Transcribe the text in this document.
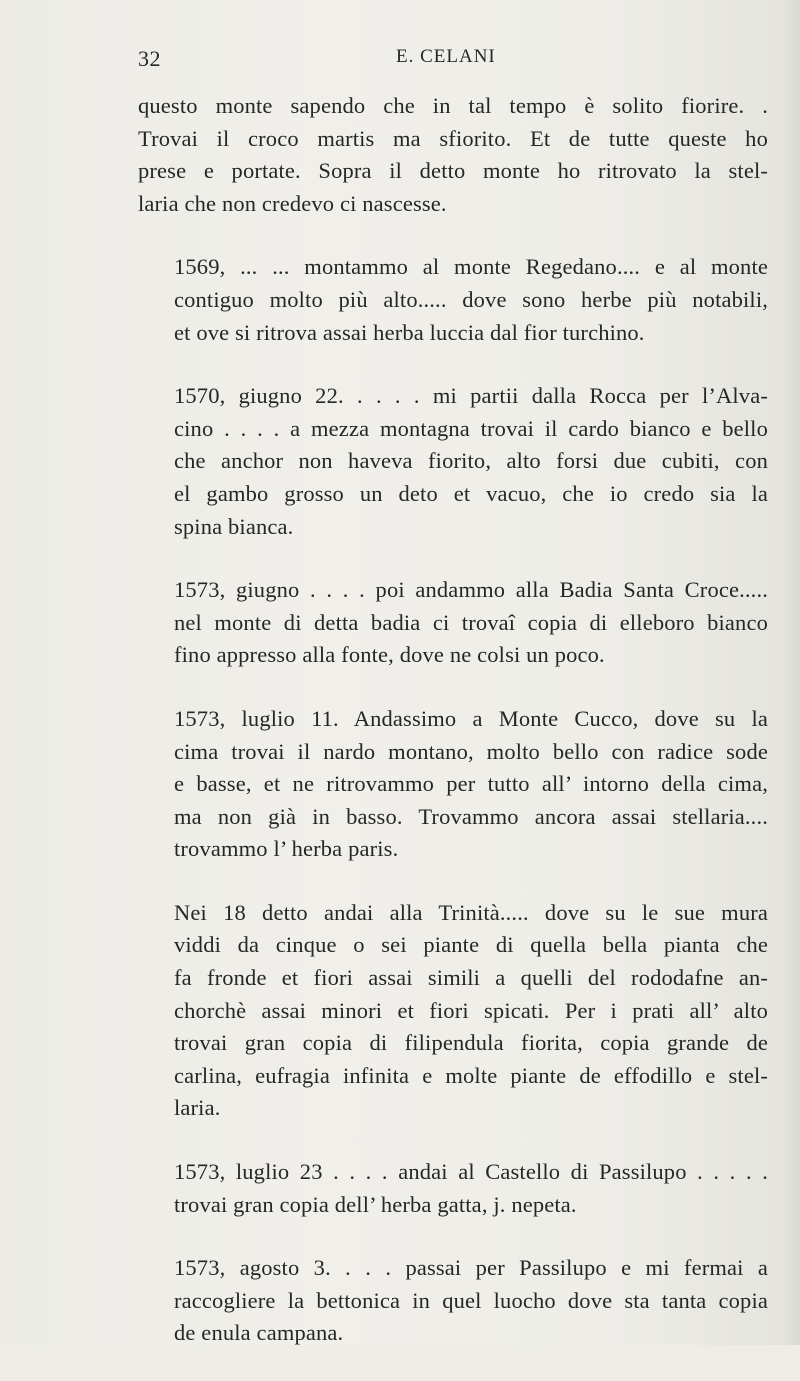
32	E. CELANI

questo monte sapendo che in tal tempo è solito fiorire. .
Trovai il croco martis ma sfiorito. Et de tutte queste ho
prese e portate. Sopra il detto monte ho ritrovato la stel-
laria che non credevo ci nascesse.

1569, ... ... montammo al monte Regedano.... e al monte
contiguo molto più alto..... dove sono herbe più notabili,
et ove si ritrova assai herba luccia dal fior turchino.

1570, giugno 22. . . . . mi partii dalla Rocca per l’Alva-
cino . . . . a mezza montagna trovai il cardo bianco e bello
che anchor non haveva fiorito, alto forsi due cubiti, con
el gambo grosso un deto et vacuo, che io credo sia la
spina bianca.

1573, giugno . . . . poi andammo alla Badia Santa Croce.....
nel monte di detta badia ci trovaî copia di elleboro bianco
fino appresso alla fonte, dove ne colsi un poco.

1573, luglio 11. Andassimo a Monte Cucco, dove su la
cima trovai il nardo montano, molto bello con radice sode
e basse, et ne ritrovammo per tutto all’ intorno della cima,
ma non già in basso. Trovammo ancora assai stellaria....
trovammo l’ herba paris.

Nei 18 detto andai alla Trinità..... dove su le sue mura
viddi da cinque o sei piante di quella bella pianta che
fa fronde et fiori assai simili a quelli del rododafne an-
chorchè assai minori et fiori spicati. Per i prati all’ alto
trovai gran copia di filipendula fiorita, copia grande de
carlina, eufragia infinita e molte piante de effodillo e stel-
laria.

1573, luglio 23 . . . . andai al Castello di Passilupo . . . . .
trovai gran copia dell’ herba gatta, j. nepeta.

1573, agosto 3. . . . passai per Passilupo e mi fermai a
raccogliere la bettonica in quel luocho dove sta tanta copia
de enula campana.
